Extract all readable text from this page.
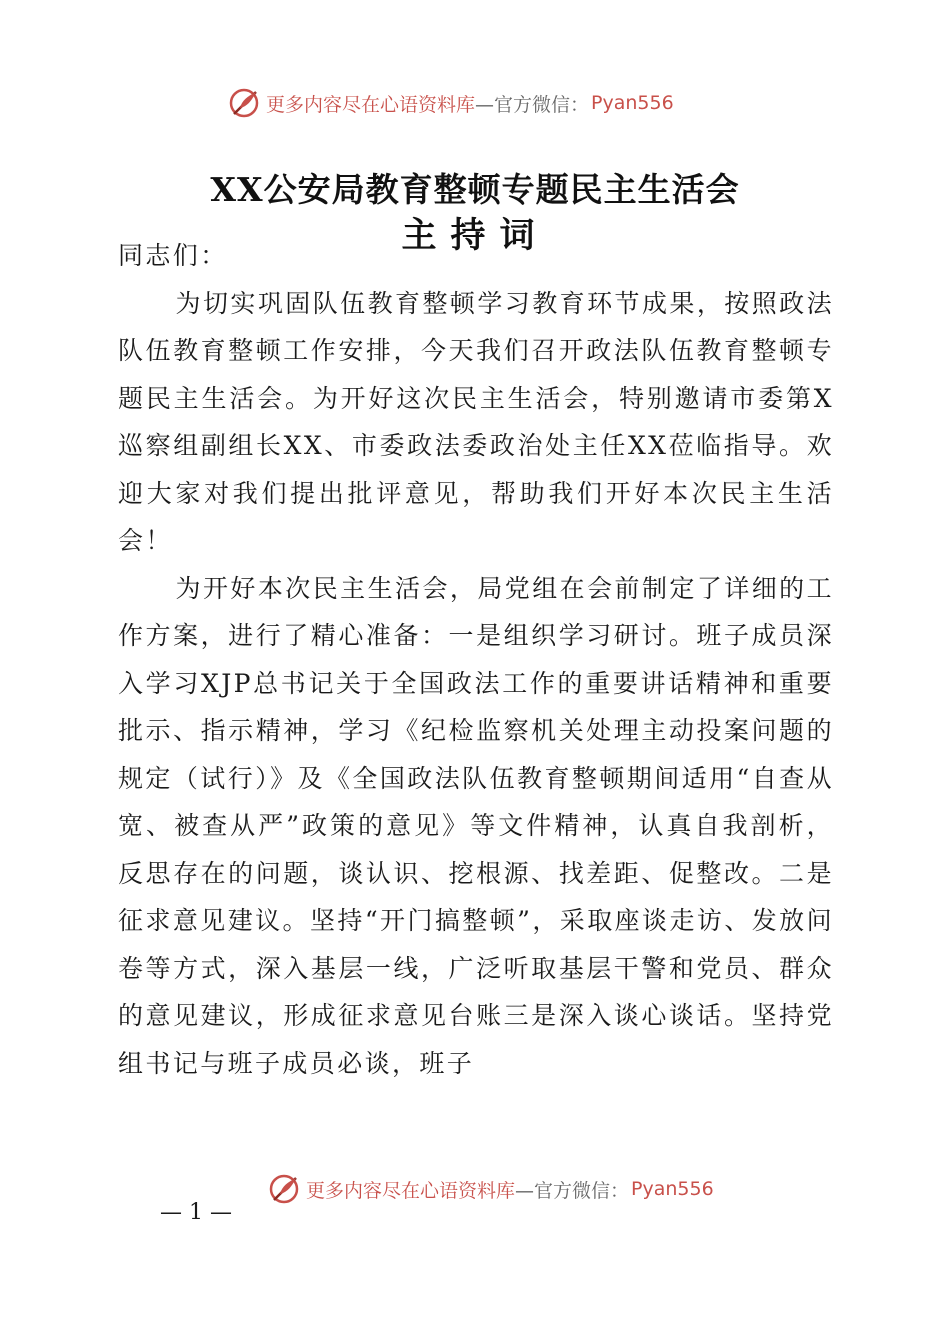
更多内容尽在心语资料库 —官方微信： Pyan556
XX公安局教育整顿专题民主生活会
主持词

同志们：

为切实巩固队伍教育整顿学习教育环节成果，按照政法队伍教育整顿工作安排，今天我们召开政法队伍教育整顿专题民主生活会。为开好这次民主生活会，特别邀请市委第X巡察组副组长XX、市委政法委政治处主任XX莅临指导。欢迎大家对我们提出批评意见，帮助我们开好本次民主生活会！

为开好本次民主生活会，局党组在会前制定了详细的工作方案，进行了精心准备：一是组织学习研讨。班子成员深入学习XJP总书记关于全国政法工作的重要讲话精神和重要批示、指示精神，学习《纪检监察机关处理主动投案问题的规定（试行）》及《全国政法队伍教育整顿期间适用“自查从宽、被查从严”政策的意见》等文件精神，认真自我剖析，反思存在的问题，谈认识、挖根源、找差距、促整改。二是征求意见建议。坚持“开门搞整顿”，采取座谈走访、发放问卷等方式，深入基层一线，广泛听取基层干警和党员、群众的意见建议，形成征求意见台账三是深入谈心谈话。坚持党组书记与班子成员必谈，班子

更多内容尽在心语资料库 —官方微信： Pyan556
— 1 —
